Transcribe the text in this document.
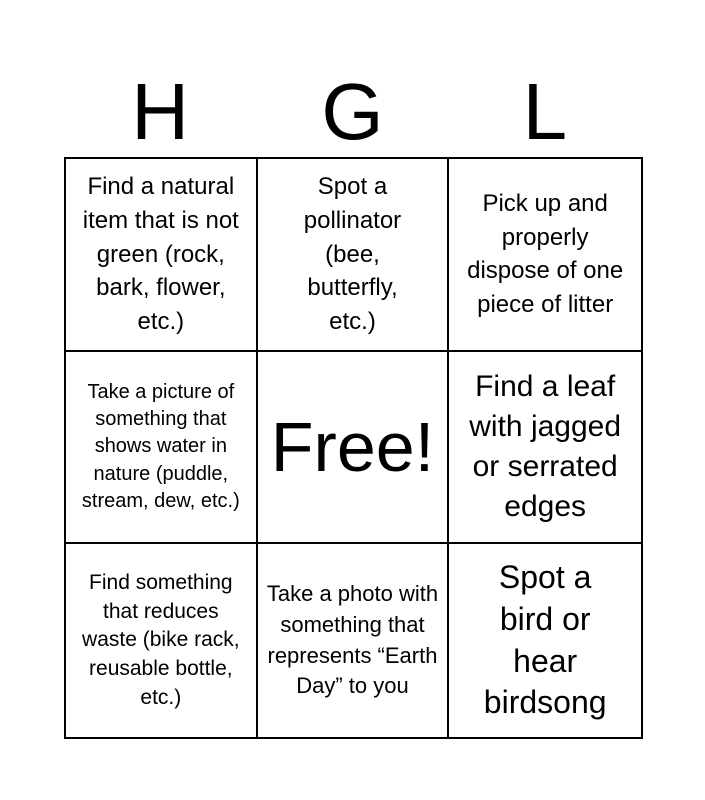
H	G	L
Find a natural item that is not green (rock, bark, flower, etc.)
Spot a pollinator (bee, butterfly, etc.)
Pick up and properly dispose of one piece of litter
Take a picture of something that shows water in nature (puddle, stream, dew, etc.)
Free!
Find a leaf with jagged or serrated edges
Find something that reduces waste (bike rack, reusable bottle, etc.)
Take a photo with something that represents “Earth Day” to you
Spot a bird or hear birdsong
